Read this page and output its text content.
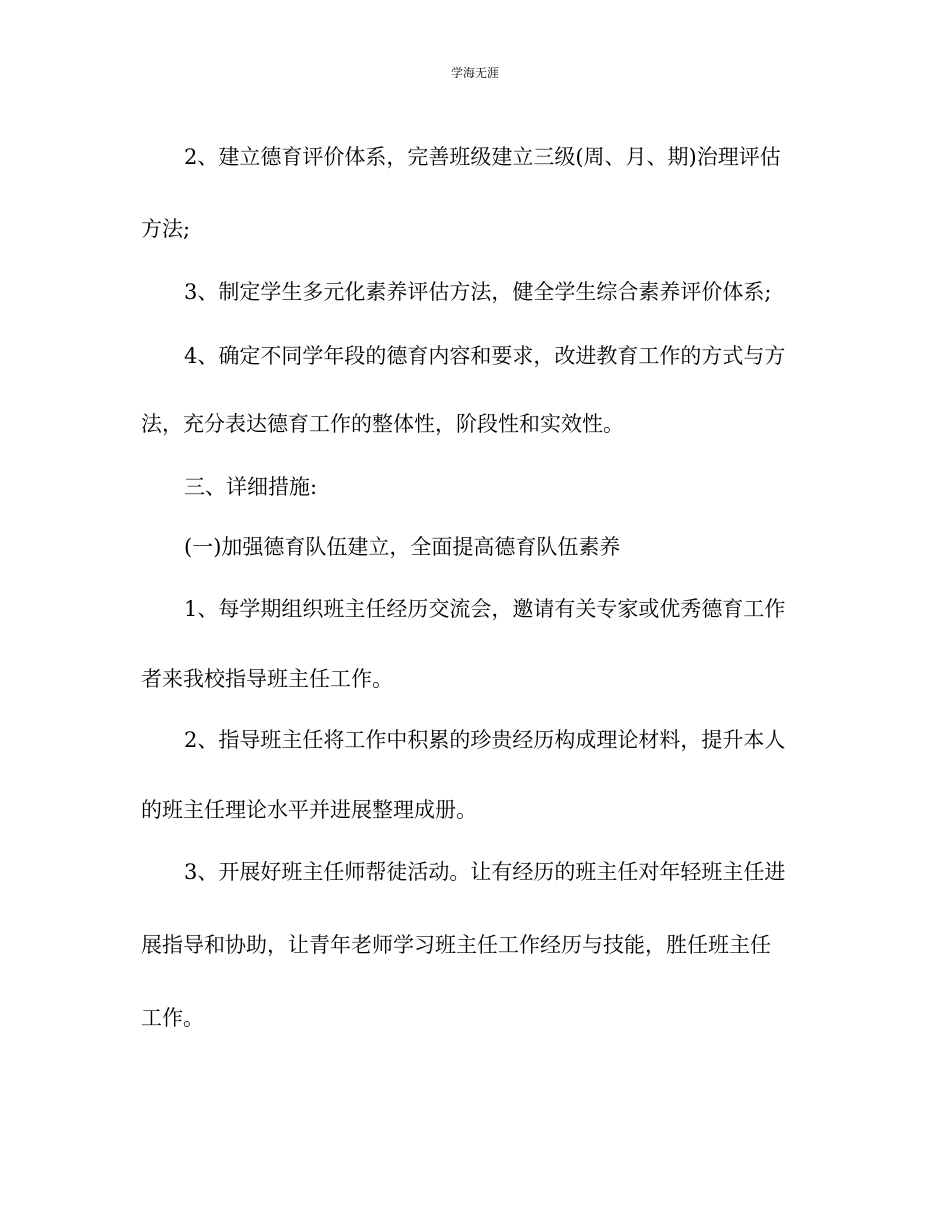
学海无涯

2、建立德育评价体系，完善班级建立三级(周、月、期)治理评估

方法;

3、制定学生多元化素养评估方法，健全学生综合素养评价体系;

4、确定不同学年段的德育内容和要求，改进教育工作的方式与方

法，充分表达德育工作的整体性，阶段性和实效性。

三、详细措施:

(一)加强德育队伍建立，全面提高德育队伍素养

1、每学期组织班主任经历交流会，邀请有关专家或优秀德育工作

者来我校指导班主任工作。

2、指导班主任将工作中积累的珍贵经历构成理论材料，提升本人

的班主任理论水平并进展整理成册。

3、开展好班主任师帮徒活动。让有经历的班主任对年轻班主任进

展指导和协助，让青年老师学习班主任工作经历与技能，胜任班主任

工作。
